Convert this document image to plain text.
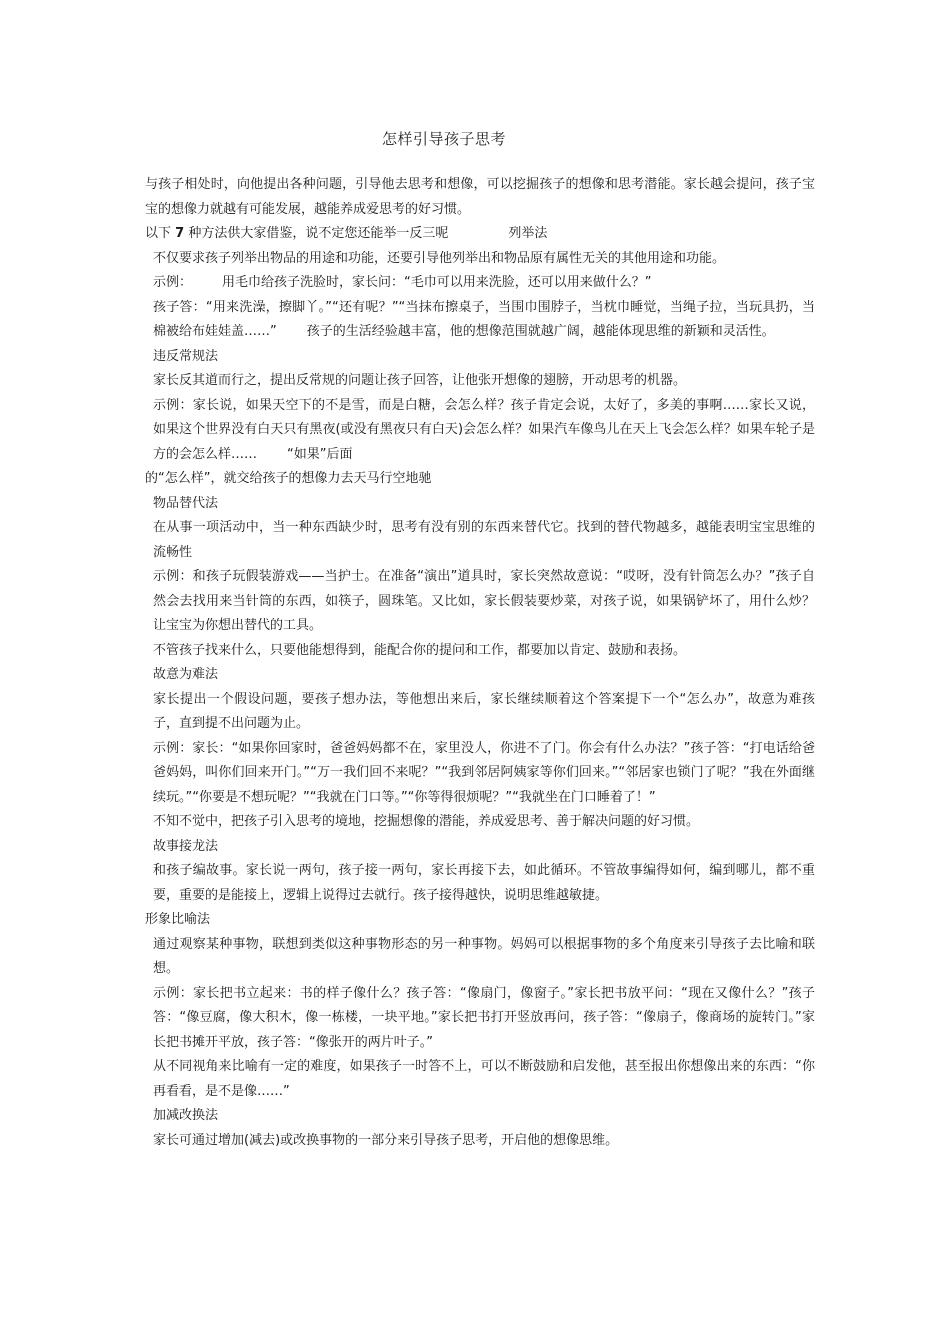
怎样引导孩子思考

与孩子相处时，向他提出各种问题，引导他去思考和想像，可以挖掘孩子的想像和思考潜能。家长越会提问，孩子宝宝的想像力就越有可能发展，越能养成爱思考的好习惯。

以下 7 种方法供大家借鉴，说不定您还能举一反三呢	列举法

不仅要求孩子列举出物品的用途和功能，还要引导他列举出和物品原有属性无关的其他用途和功能。

示例： 用毛巾给孩子洗脸时，家长问：“毛巾可以用来洗脸，还可以用来做什么？”

孩子答：“用来洗澡，擦脚丫。”“还有呢？”“当抹布擦桌子，当围巾围脖子，当枕巾睡觉，当绳子拉，当玩具扔，当棉被给布娃娃盖……” 孩子的生活经验越丰富，他的想像范围就越广阔，越能体现思维的新颖和灵活性。

违反常规法

家长反其道而行之，提出反常规的问题让孩子回答，让他张开想像的翅膀，开动思考的机器。

示例：家长说，如果天空下的不是雪，而是白糖，会怎么样？孩子肯定会说，太好了，多美的事啊……家长又说，如果这个世界没有白天只有黑夜(或没有黑夜只有白天)会怎么样？如果汽车像鸟儿在天上飞会怎么样？如果车轮子是方的会怎么样…… “如果”后面

的“怎么样”，就交给孩子的想像力去天马行空地驰

物品替代法

在从事一项活动中，当一种东西缺少时，思考有没有别的东西来替代它。找到的替代物越多，越能表明宝宝思维的流畅性

示例：和孩子玩假装游戏——当护士。在准备“演出”道具时，家长突然故意说：“哎呀，没有针筒怎么办？”孩子自然会去找用来当针筒的东西，如筷子，圆珠笔。又比如，家长假装要炒菜，对孩子说，如果锅铲坏了，用什么炒？让宝宝为你想出替代的工具。

不管孩子找来什么，只要他能想得到，能配合你的提问和工作，都要加以肯定、鼓励和表扬。

故意为难法

家长提出一个假设问题，要孩子想办法，等他想出来后，家长继续顺着这个答案提下一个“怎么办”，故意为难孩子，直到提不出问题为止。

示例：家长：“如果你回家时，爸爸妈妈都不在，家里没人，你进不了门。你会有什么办法？”孩子答：“打电话给爸爸妈妈，叫你们回来开门。”“万一我们回不来呢？”“我到邻居阿姨家等你们回来。”“邻居家也锁门了呢？”我在外面继续玩。”“你要是不想玩呢？”“我就在门口等。”“你等得很烦呢？”“我就坐在门口睡着了！”

不知不觉中，把孩子引入思考的境地，挖掘想像的潜能，养成爱思考、善于解决问题的好习惯。

故事接龙法

和孩子编故事。家长说一两句，孩子接一两句，家长再接下去，如此循环。不管故事编得如何，编到哪儿，都不重要，重要的是能接上，逻辑上说得过去就行。孩子接得越快，说明思维越敏捷。

形象比喻法

通过观察某种事物，联想到类似这种事物形态的另一种事物。妈妈可以根据事物的多个角度来引导孩子去比喻和联想。

示例：家长把书立起来：书的样子像什么？孩子答：“像扇门，像窗子。”家长把书放平问：“现在又像什么？”孩子答：“像豆腐，像大积木，像一栋楼，一块平地。”家长把书打开竖放再问，孩子答：“像扇子，像商场的旋转门。”家长把书摊开平放，孩子答：“像张开的两片叶子。”

从不同视角来比喻有一定的难度，如果孩子一时答不上，可以不断鼓励和启发他，甚至报出你想像出来的东西：“你再看看，是不是像……”

加减改换法

家长可通过增加(减去)或改换事物的一部分来引导孩子思考，开启他的想像思维。
